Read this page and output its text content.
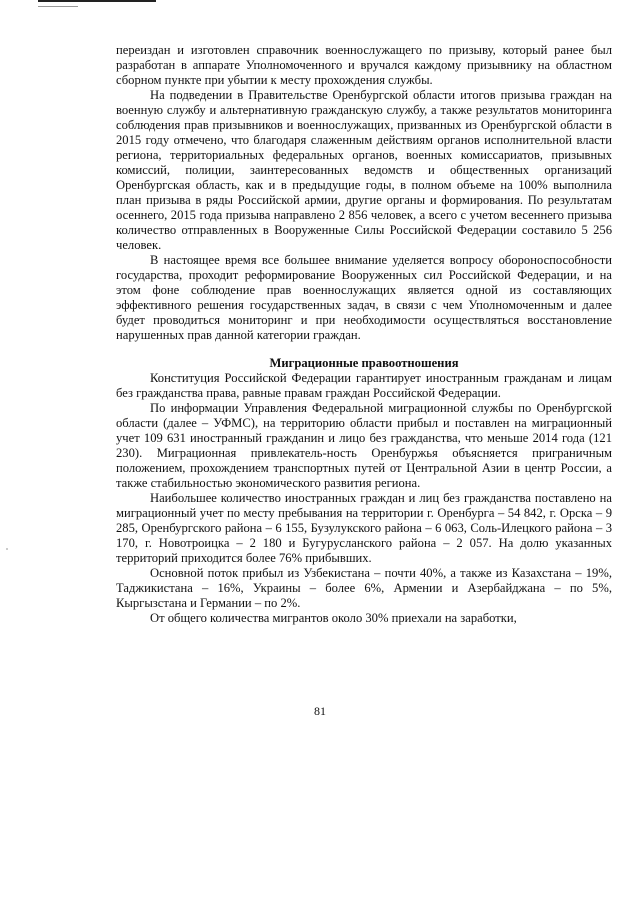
переиздан и изготовлен справочник военнослужащего по призыву, который ранее был разработан в аппарате Уполномоченного и вручался каждому призывнику на областном сборном пункте при убытии к месту прохождения службы.

На подведении в Правительстве Оренбургской области итогов призыва граждан на военную службу и альтернативную гражданскую службу, а также результатов мониторинга соблюдения прав призывников и военнослужащих, призванных из Оренбургской области в 2015 году отмечено, что благодаря слаженным действиям органов исполнительной власти региона, территориальных федеральных органов, военных комиссариатов, призывных комиссий, полиции, заинтересованных ведомств и общественных организаций Оренбургская область, как и в предыдущие годы, в полном объеме на 100% выполнила план призыва в ряды Российской армии, другие органы и формирования. По результатам осеннего, 2015 года призыва направлено 2 856 человек, а всего с учетом весеннего призыва количество отправленных в Вооруженные Силы Российской Федерации составило 5 256 человек.

В настоящее время все большее внимание уделяется вопросу обороноспособности государства, проходит реформирование Вооруженных сил Российской Федерации, и на этом фоне соблюдение прав военнослужащих является одной из составляющих эффективного решения государственных задач, в связи с чем Уполномоченным и далее будет проводиться мониторинг и при необходимости осуществляться восстановление нарушенных прав данной категории граждан.

Миграционные правоотношения

Конституция Российской Федерации гарантирует иностранным гражданам и лицам без гражданства права, равные правам граждан Российской Федерации.

По информации Управления Федеральной миграционной службы по Оренбургской области (далее – УФМС), на территорию области прибыл и поставлен на миграционный учет 109 631 иностранный гражданин и лицо без гражданства, что меньше 2014 года (121 230). Миграционная привлекатель-ность Оренбуржья объясняется приграничным положением, прохождением транспортных путей от Центральной Азии в центр России, а также стабильностью экономического развития региона.

Наибольшее количество иностранных граждан и лиц без гражданства поставлено на миграционный учет по месту пребывания на территории г. Оренбурга – 54 842, г. Орска – 9 285, Оренбургского района – 6 155, Бузулукского района – 6 063, Соль-Илецкого района – 3 170, г. Новотроицка – 2 180 и Бугурусланского района – 2 057. На долю указанных территорий приходится более 76% прибывших.

Основной поток прибыл из Узбекистана – почти 40%, а также из Казахстана – 19%, Таджикистана – 16%, Украины – более 6%, Армении и Азербайджана – по 5%, Кыргызстана и Германии – по 2%.

От общего количества мигрантов около 30% приехали на заработки,

81
